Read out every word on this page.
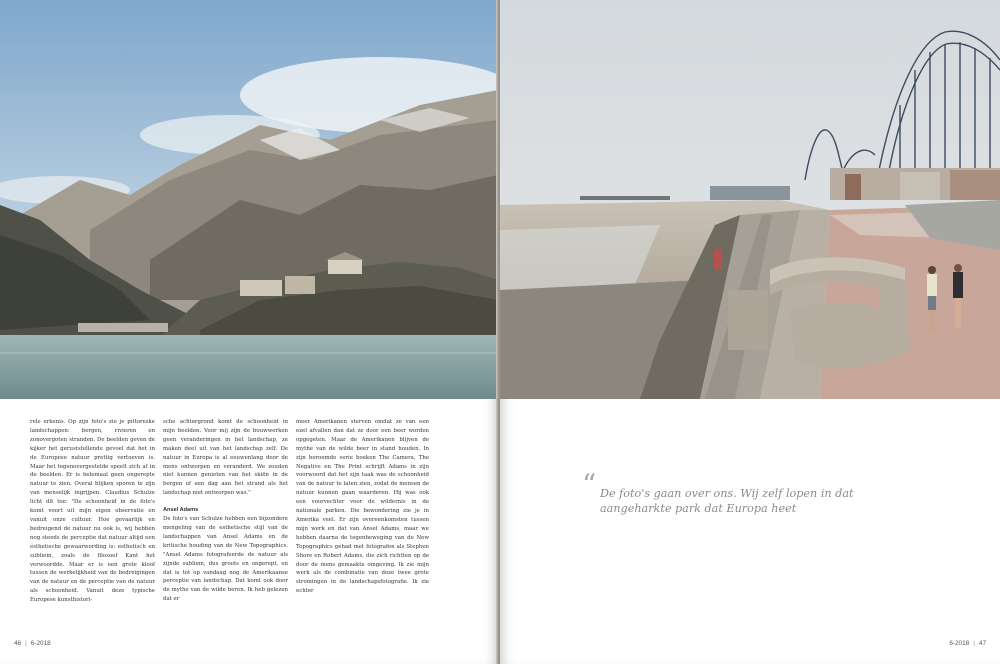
rele erkenis. Op zijn foto's zie je pittoreske landschappen: bergen, rivieren en zonovergoten stranden. De beelden geven de kijker het geruststellende gevoel dat het in de Europese natuur prettig vertoeven is. Maar het tegenovergestelde speelt zich af in de beelden. Er is helemaal geen ongerepte natuur te zien. Overal blijken sporen te zijn van menselijk ingrijpen. Claudius Schulze licht dit toe: "De schoonheid in de foto's komt voort uit mijn eigen observatie en vanuit onze cultuur. Hoe gevaarlijk en bedreigend de natuur nu ook is, wij hebben nog steeds de perceptie dat natuur altijd een esthetische gewaarwording is: esthetisch en subliem, zoals de filosoof Kant het verwoordde. Maar er is een grote kloof tussen de werkelijkheid van de bedreigingen van de natuur en de perceptie van de natuur als schoonheid. Vanuit deze typische Europese kunsthistori-

sche achtergrond komt de schoonheid in mijn beelden. Voor mij zijn de bouwwerken geen veranderingen in het landschap, ze maken deel uit van het landschap zelf. De natuur in Europa is al eeuwenlang door de mens ontworpen en veranderd. We zouden niet kunnen genieten van het skiën in de bergen of een dag aan het strand als het landschap niet ontworpen was."

Ansel Adams

De foto's van Schulze hebben een bijzondere mengeling van de esthetische stijl van de landschappen van Ansel Adams en de kritische houding van de New Topographics. "Ansel Adams fotografeerde de natuur als zijnde subliem, dus groots en ongerept, en dat is tot op vandaag nog de Amerikaanse perceptie van landschap. Dat komt ook door de mythe van de wilde beren. Ik heb gelezen dat er

meer Amerikanen sterven omdat ze van een ezel afvallen dan dat ze door een beer worden opgegeten. Maar de Amerikanen blijven de mythe van de wilde beer in stand houden. In zijn beroemde serie boeken The Camera, The Negative en The Print schrijft Adams in zijn voorwoord dat het zijn taak was de schoonheid van de natuur te laten zien, zodat de mensen de natuur kunnen gaan waarderen. Hij was ook een voorvechter voor de wildernis in de nationale parken. Die bewondering zie je in Amerika veel. Er zijn overeenkomsten tussen mijn werk en dat van Ansel Adams, maar we hebben daarna de tegenbeweging van de New Topographics gehad met fotografen als Stephen Shore en Robert Adams, die zich richtten op de door de mens gemaakte omgeving. Ik zie mijn werk als de combinatie van deze twee grote stromingen in de landschapsfotografie. Ik zie echter

46 | 6-2018
“ De foto's gaan over ons. Wij zelf lopen in dat aangeharkte park dat Europa heet
6-2018 | 47
